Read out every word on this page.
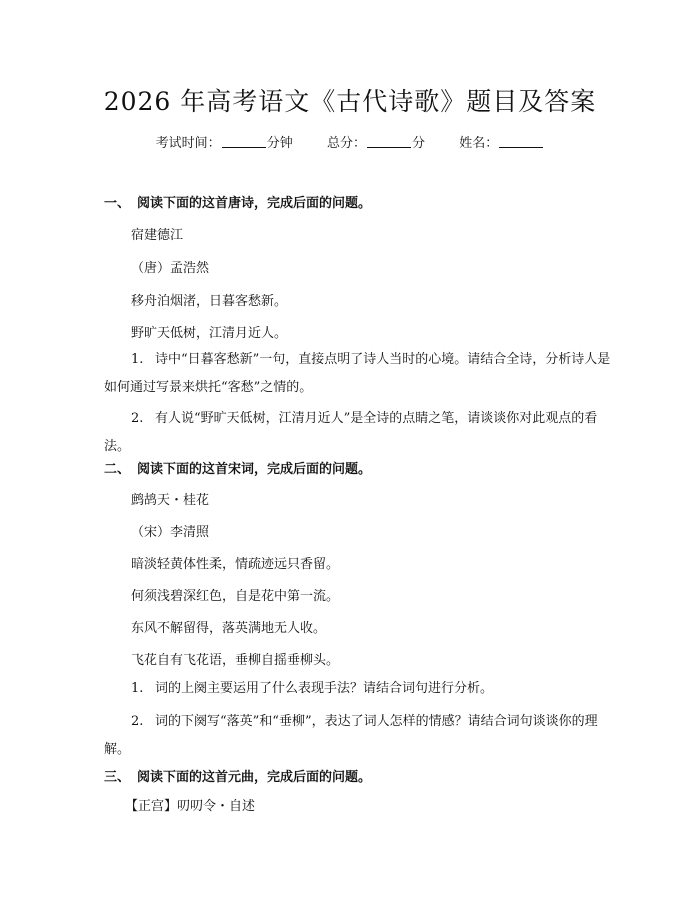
2026 年高考语文《古代诗歌》题目及答案
考试时间：	分钟	总分：	分	姓名：
一、 阅读下面的这首唐诗，完成后面的问题。
宿建德江
（唐）孟浩然
移舟泊烟渚，日暮客愁新。
野旷天低树，江清月近人。
1. 诗中“日暮客愁新”一句，直接点明了诗人当时的心境。请结合全诗，分析诗人是如何通过写景来烘托“客愁”之情的。
2. 有人说“野旷天低树，江清月近人”是全诗的点睛之笔，请谈谈你对此观点的看法。
二、 阅读下面的这首宋词，完成后面的问题。
鹧鸪天・桂花
（宋）李清照
暗淡轻黄体性柔，情疏迹远只香留。
何须浅碧深红色，自是花中第一流。
东风不解留得，落英满地无人收。
飞花自有飞花语，垂柳自摇垂柳头。
1. 词的上阕主要运用了什么表现手法？请结合词句进行分析。
2. 词的下阕写“落英”和“垂柳”，表达了词人怎样的情感？请结合词句谈谈你的理解。
三、 阅读下面的这首元曲，完成后面的问题。
【正宫】叨叨令・自述
